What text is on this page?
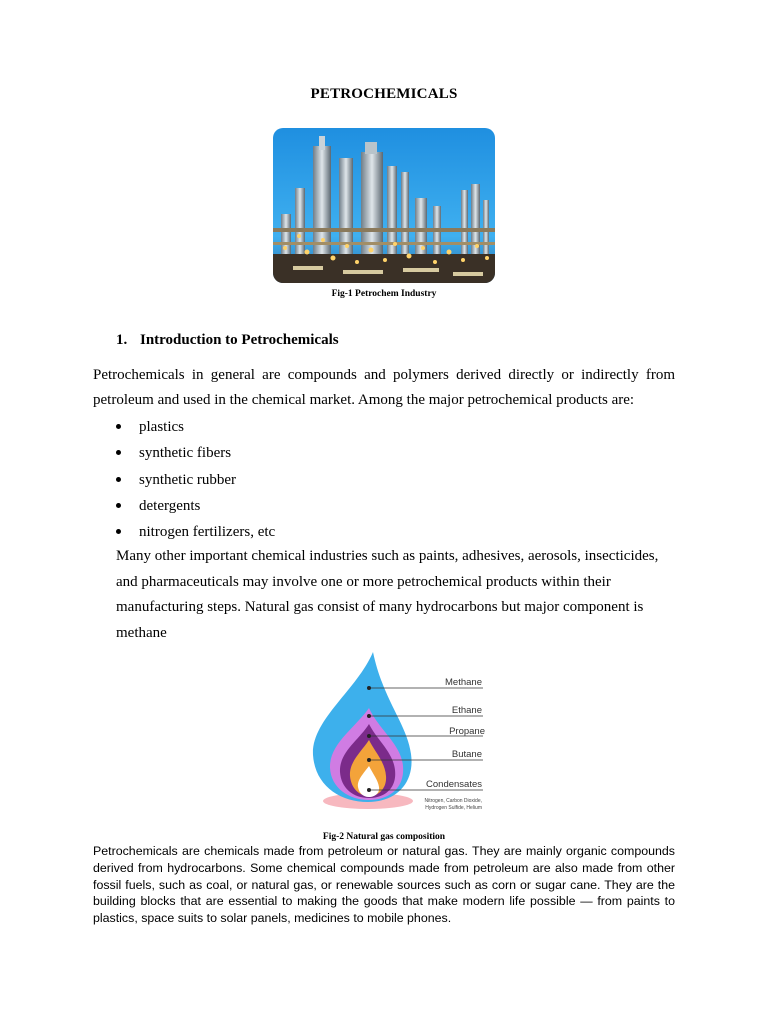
PETROCHEMICALS
Fig-1 Petrochem Industry
1. Introduction to Petrochemicals
Petrochemicals in general are compounds and polymers derived directly or indirectly from petroleum and used in the chemical market. Among the major petrochemical products are:
plastics
synthetic fibers
synthetic rubber
detergents
nitrogen fertilizers, etc
Many other important chemical industries such as paints, adhesives, aerosols, insecticides, and pharmaceuticals may involve one or more petrochemical products within their manufacturing steps. Natural gas consist of many hydrocarbons but major component is methane
Methane
Ethane
Propane
Butane
Condensates
Nitrogen, Carbon Dioxide,
Hydrogen Sulfide, Helium
Fig-2 Natural gas composition
Petrochemicals are chemicals made from petroleum or natural gas. They are mainly organic compounds derived from hydrocarbons. Some chemical compounds made from petroleum are also made from other fossil fuels, such as coal, or natural gas, or renewable sources such as corn or sugar cane. They are the building blocks that are essential to making the goods that make modern life possible — from paints to plastics, space suits to solar panels, medicines to mobile phones.
